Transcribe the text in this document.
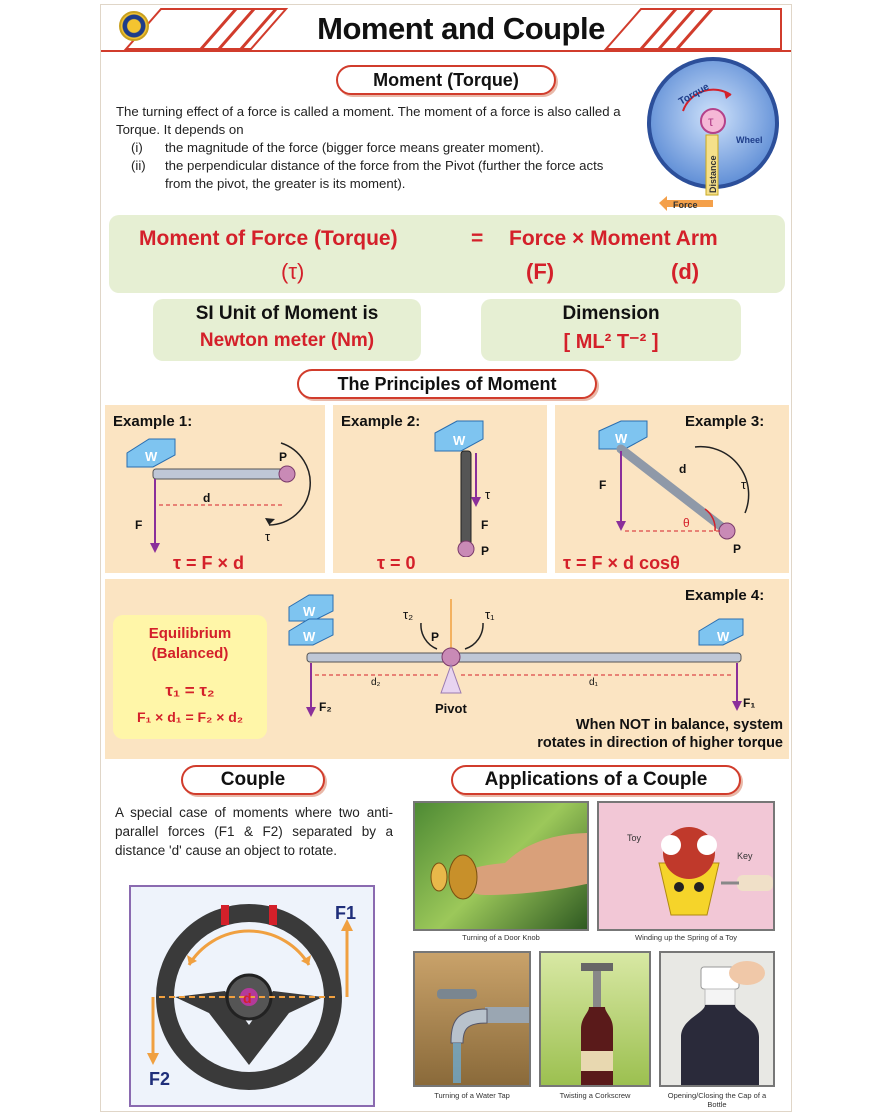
Moment and Couple
Moment (Torque)
The turning effect of a force is called a moment. The moment of a force is also called a Torque. It depends on
(i)	the magnitude of the force (bigger force means greater moment).
(ii)	the perpendicular distance of the force from the Pivot (further the force acts from the pivot, the greater is its moment).
Torque
τ
Distance
Wheel
Force
Moment of Force (Torque)	= Force × Moment Arm
(τ)	(F)	(d)
SI Unit of Moment is
Newton meter (Nm)
Dimension
[ ML² T⁻² ]
The Principles of Moment
Example 1:	Example 2:	Example 3:
W	P
F
d
τ
τ = F × d
W
P
F
τ
τ = 0
W
P
F
d
θ
τ
τ = F × d cosθ
Example 4:
Equilibrium
(Balanced)
τ₁ = τ₂
F₁ × d₁ = F₂ × d₂
W
W	W
Pivot
P
τ₂	τ₁
F₂	F₁
d₂	d₁
When NOT in balance, system
rotates in direction of higher torque
Couple
A special case of moments where two anti-parallel forces (F1 & F2) separated by a distance 'd' cause an object to rotate.
d
F1
F2
Applications of a Couple
Turning of a Door Knob
Toy
Key
Winding up the Spring of a Toy
Turning of a Water Tap	Twisting a Corkscrew	Opening/Closing the Cap of a Bottle
